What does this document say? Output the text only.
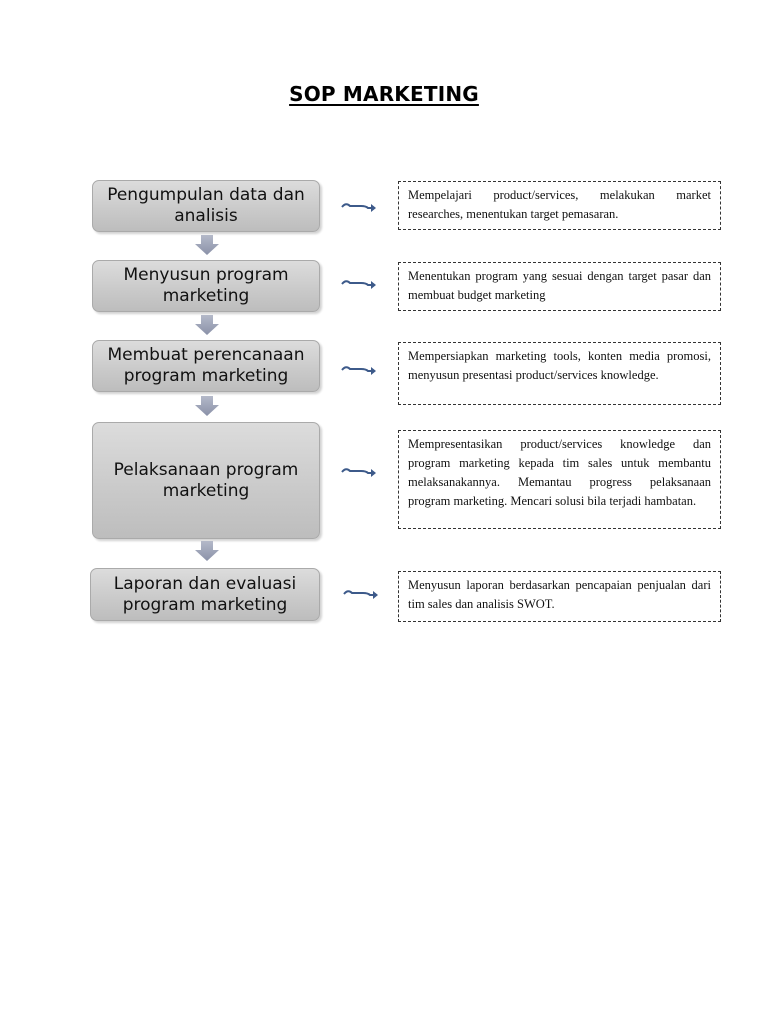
SOP MARKETING
Pengumpulan data dan
analisis
Menyusun program
marketing
Membuat perencanaan
program marketing
Pelaksanaan program
marketing
Laporan dan evaluasi
program marketing
Mempelajari product/services, melakukan market researches, menentukan target pemasaran.
Menentukan program yang sesuai dengan target pasar dan membuat budget marketing
Mempersiapkan marketing tools, konten media promosi, menyusun presentasi product/services knowledge.
Mempresentasikan product/services knowledge dan program marketing kepada tim sales untuk membantu melaksanakannya. Memantau progress pelaksanaan program marketing. Mencari solusi bila terjadi hambatan.
Menyusun laporan berdasarkan pencapaian penjualan dari tim sales dan analisis SWOT.
